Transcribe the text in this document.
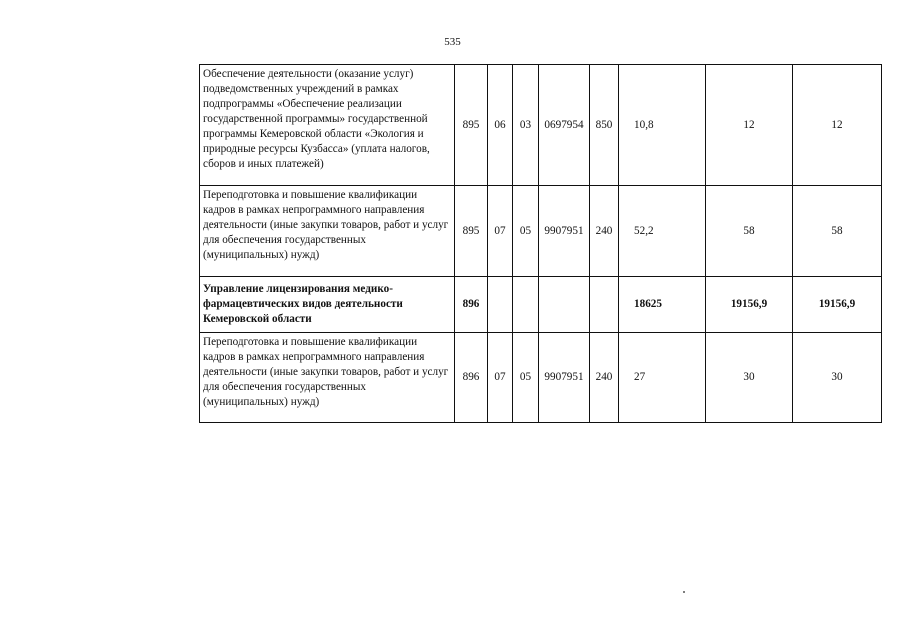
535
Обеспечение деятельности (оказание услуг) подведомственных учреждений в рамках подпрограммы «Обеспечение реализации государственной программы» государственной программы Кемеровской области «Экология и природные ресурсы Кузбасса» (уплата налогов, сборов и иных платежей)	895	06	03	0697954	850	10,8	12	12
Переподготовка и повышение квалификации кадров в рамках непрограммного направления деятельности (иные закупки товаров, работ и услуг для обеспечения государственных (муниципальных) нужд)	895	07	05	9907951	240	52,2	58	58
Управление лицензирования медико-фармацевтических видов деятельности Кемеровской области	896					18625	19156,9	19156,9
Переподготовка и повышение квалификации кадров в рамках непрограммного направления деятельности (иные закупки товаров, работ и услуг для обеспечения государственных (муниципальных) нужд)	896	07	05	9907951	240	27	30	30
